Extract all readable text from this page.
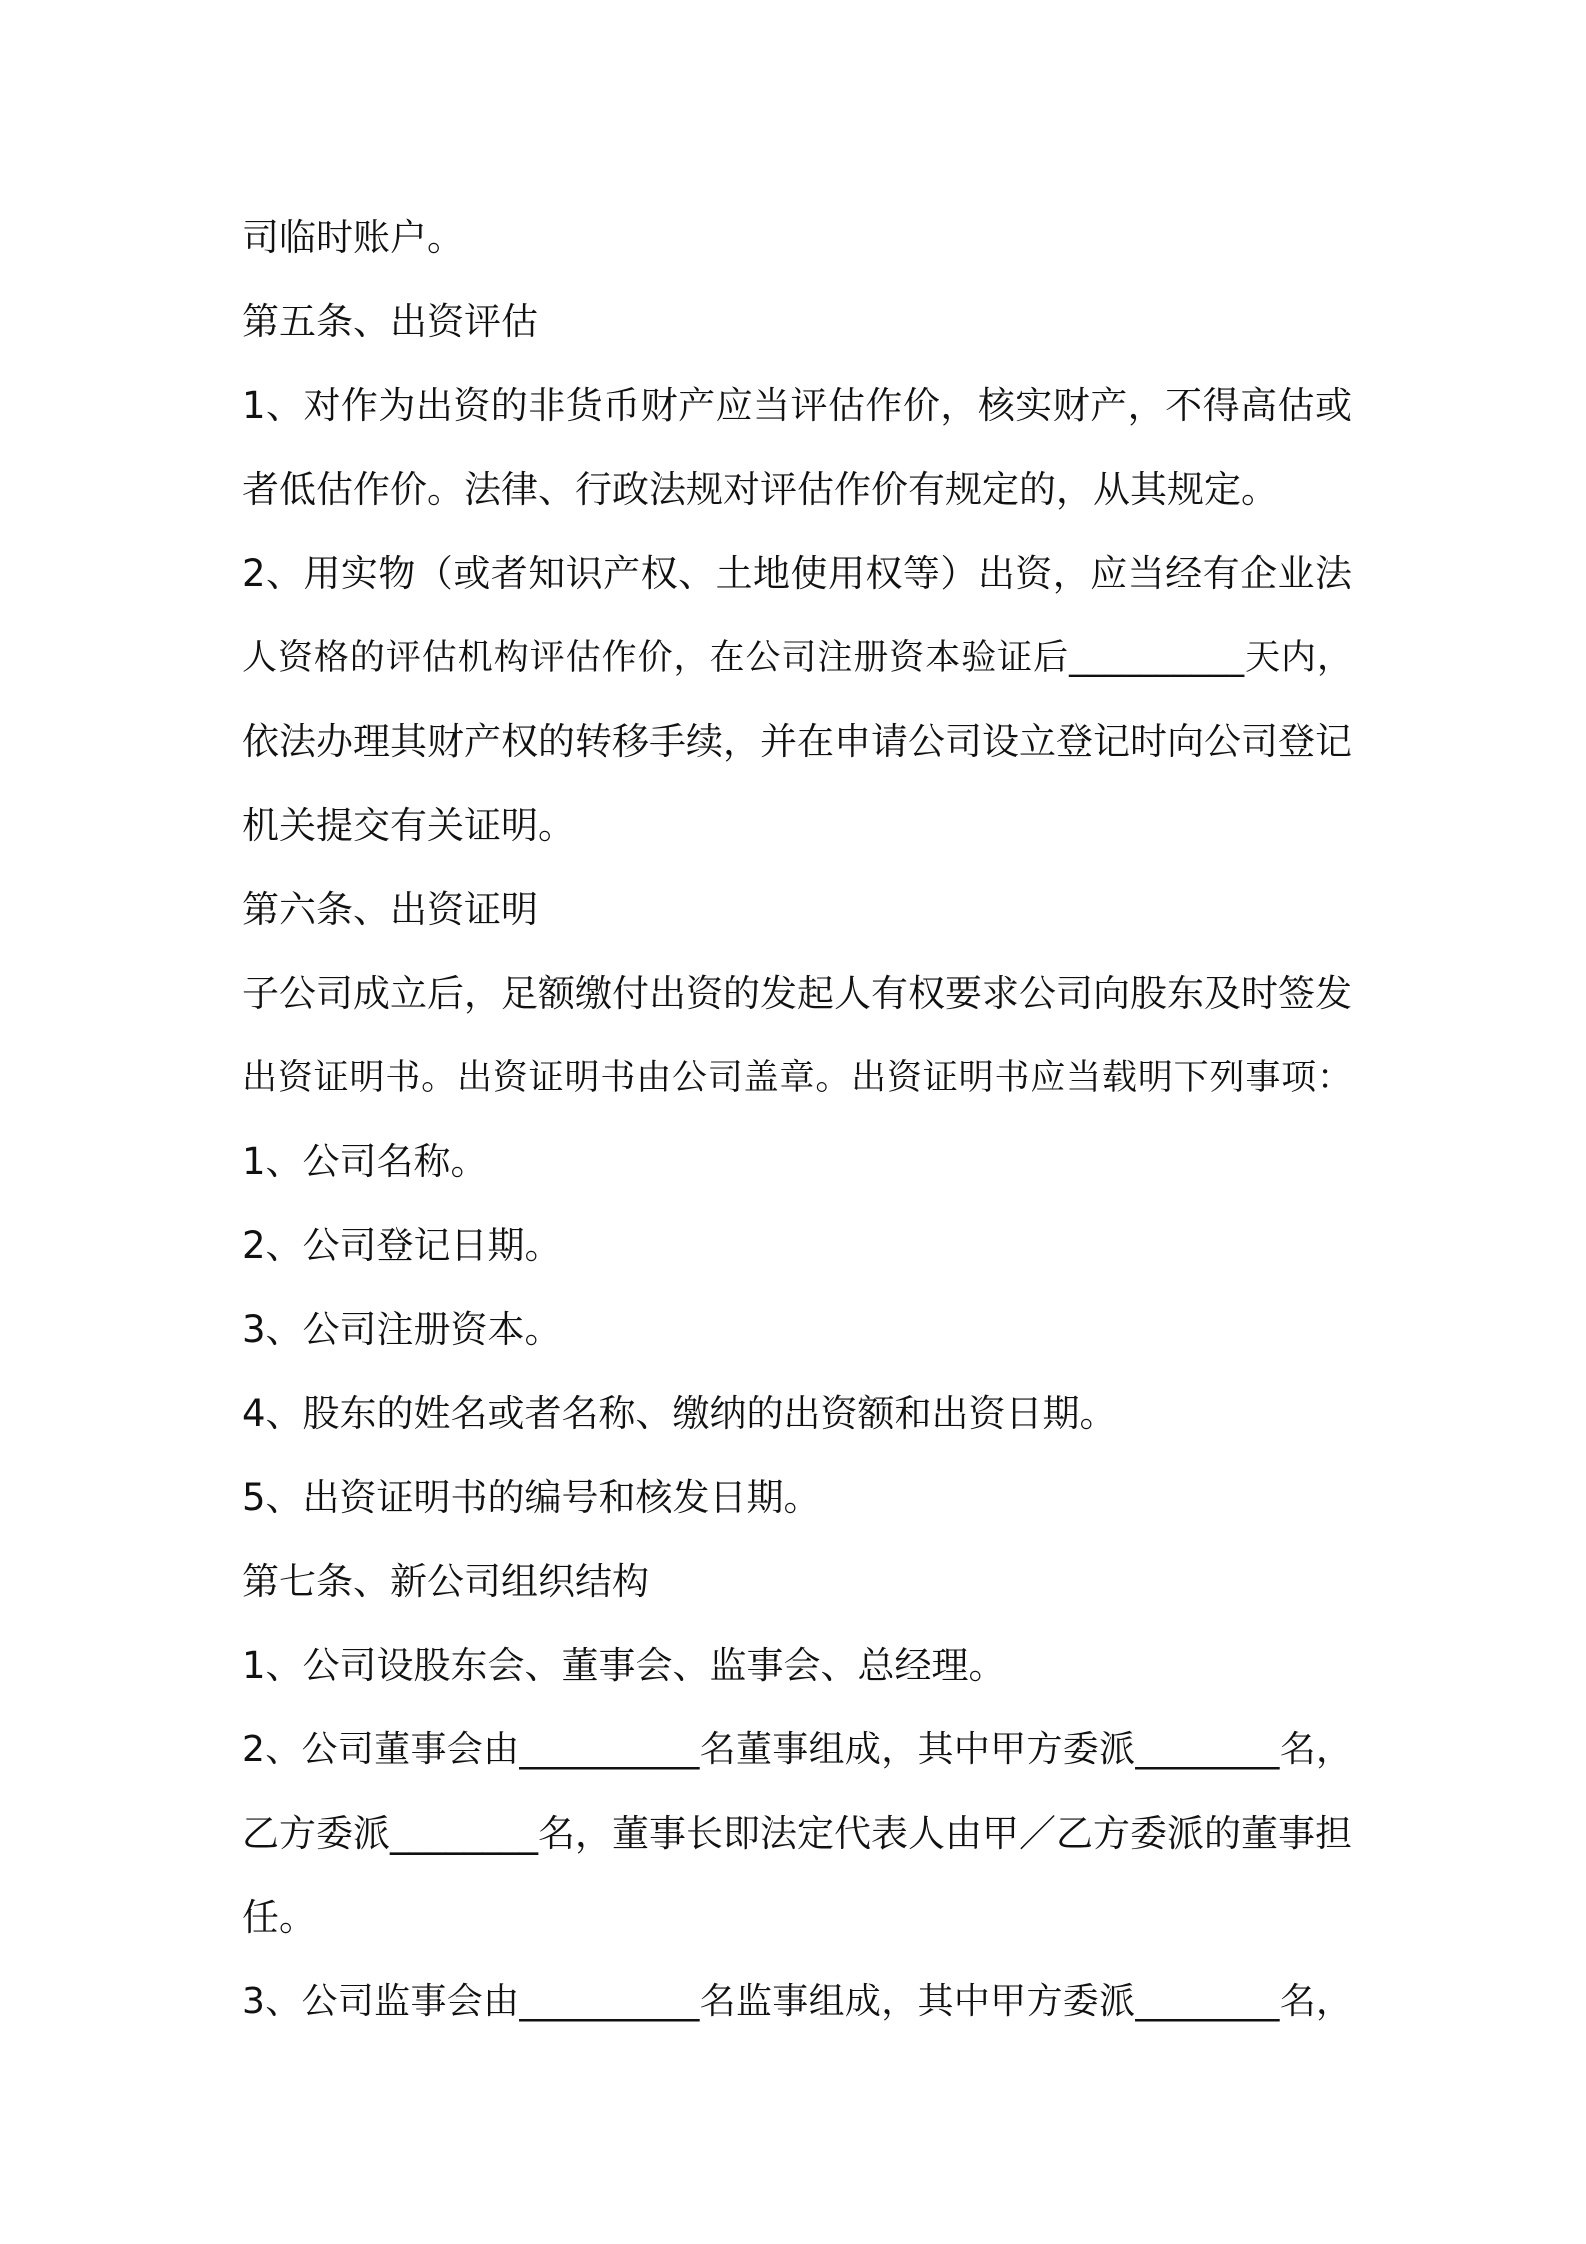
司临时账户。
第五条、出资评估
1、对作为出资的非货币财产应当评估作价，核实财产，不得高估或
者低估作价。法律、行政法规对评估作价有规定的，从其规定。
2、用实物（或者知识产权、土地使用权等）出资，应当经有企业法
人资格的评估机构评估作价，在公司注册资本验证后__________天内，
依法办理其财产权的转移手续，并在申请公司设立登记时向公司登记
机关提交有关证明。
第六条、出资证明
子公司成立后，足额缴付出资的发起人有权要求公司向股东及时签发
出资证明书。出资证明书由公司盖章。出资证明书应当载明下列事项：
1、公司名称。
2、公司登记日期。
3、公司注册资本。
4、股东的姓名或者名称、缴纳的出资额和出资日期。
5、出资证明书的编号和核发日期。
第七条、新公司组织结构
1、公司设股东会、董事会、监事会、总经理。
2、公司董事会由__________名董事组成，其中甲方委派________名，
乙方委派________名，董事长即法定代表人由甲／乙方委派的董事担
任。
3、公司监事会由__________名监事组成，其中甲方委派________名，
